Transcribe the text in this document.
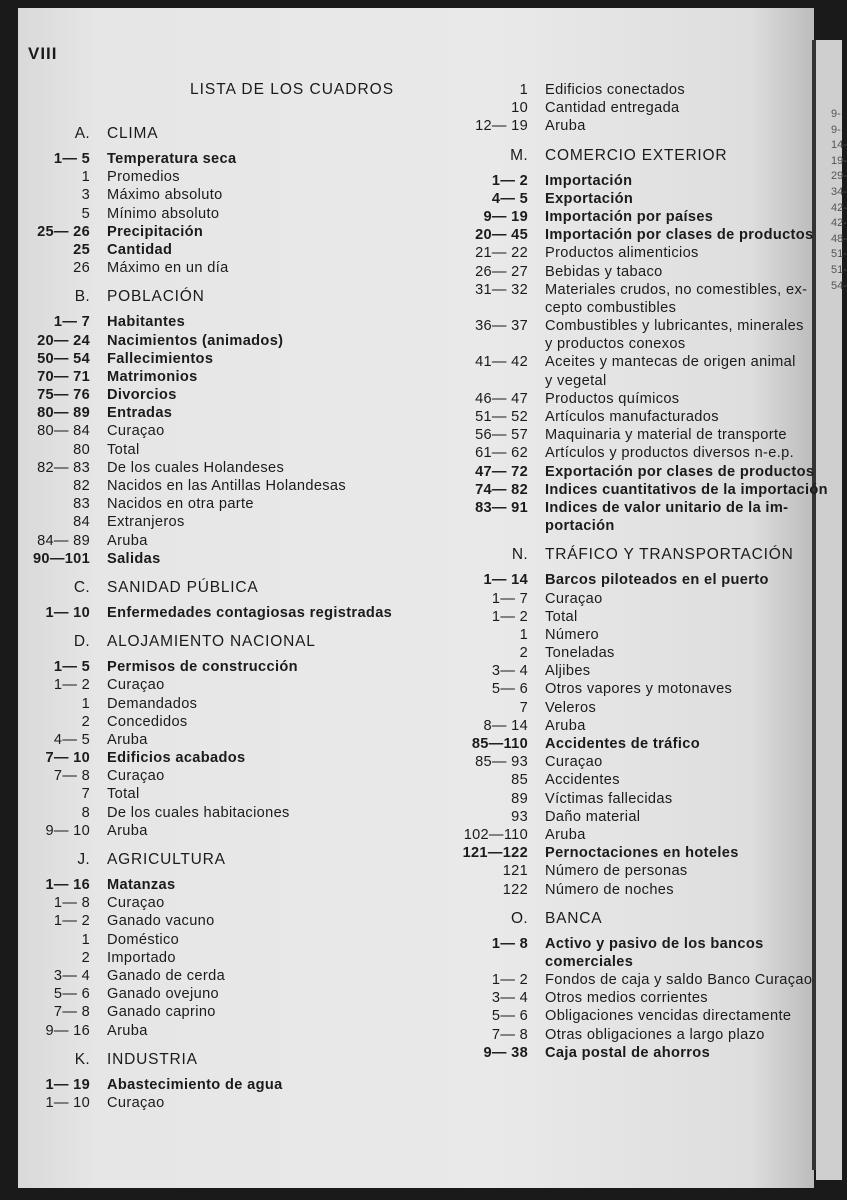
9-
9-
14-
19-
29-
34-
42-
42-
48-
51-
51-
54-
VIII
LISTA DE LOS CUADROS
A.	CLIMA
1— 5	Temperatura seca
1	Promedios
3	Máximo absoluto
5	Mínimo absoluto
25— 26	Precipitación
25	Cantidad
26	Máximo en un día
B.	POBLACIÓN
1— 7	Habitantes
20— 24	Nacimientos (animados)
50— 54	Fallecimientos
70— 71	Matrimonios
75— 76	Divorcios
80— 89	Entradas
80— 84	Curaçao
80	Total
82— 83	De los cuales Holandeses
82	Nacidos en las Antillas Holandesas
83	Nacidos en otra parte
84	Extranjeros
84— 89	Aruba
90—101	Salidas
C.	SANIDAD PÚBLICA
1— 10	Enfermedades contagiosas registradas
D.	ALOJAMIENTO NACIONAL
1— 5	Permisos de construcción
1— 2	Curaçao
1	Demandados
2	Concedidos
4— 5	Aruba
7— 10	Edificios acabados
7— 8	Curaçao
7	Total
8	De los cuales habitaciones
9— 10	Aruba
J.	AGRICULTURA
1— 16	Matanzas
1— 8	Curaçao
1— 2	Ganado vacuno
1	Doméstico
2	Importado
3— 4	Ganado de cerda
5— 6	Ganado ovejuno
7— 8	Ganado caprino
9— 16	Aruba
K.	INDUSTRIA
1— 19	Abastecimiento de agua
1— 10	Curaçao
1	Edificios conectados
10	Cantidad entregada
12— 19	Aruba
M.	COMERCIO EXTERIOR
1— 2	Importación
4— 5	Exportación
9— 19	Importación por países
20— 45	Importación por clases de productos
21— 22	Productos alimenticios
26— 27	Bebidas y tabaco
31— 32	Materiales crudos, no comestibles, ex-
cepto combustibles
36— 37	Combustibles y lubricantes, minerales
y productos conexos
41— 42	Aceites y mantecas de origen animal
y vegetal
46— 47	Productos químicos
51— 52	Artículos manufacturados
56— 57	Maquinaria y material de transporte
61— 62	Artículos y productos diversos n-e.p.
47— 72	Exportación por clases de productos
74— 82	Indices cuantitativos de la importación
83— 91	Indices de valor unitario de la im-
portación
N.	TRÁFICO Y TRANSPORTACIÓN
1— 14	Barcos piloteados en el puerto
1— 7	Curaçao
1— 2	Total
1	Número
2	Toneladas
3— 4	Aljibes
5— 6	Otros vapores y motonaves
7	Veleros
8— 14	Aruba
85—110	Accidentes de tráfico
85— 93	Curaçao
85	Accidentes
89	Víctimas fallecidas
93	Daño material
102—110	Aruba
121—122	Pernoctaciones en hoteles
121	Número de personas
122	Número de noches
O.	BANCA
1— 8	Activo y pasivo de los bancos
comerciales
1— 2	Fondos de caja y saldo Banco Curaçao
3— 4	Otros medios corrientes
5— 6	Obligaciones vencidas directamente
7— 8	Otras obligaciones a largo plazo
9— 38	Caja postal de ahorros
